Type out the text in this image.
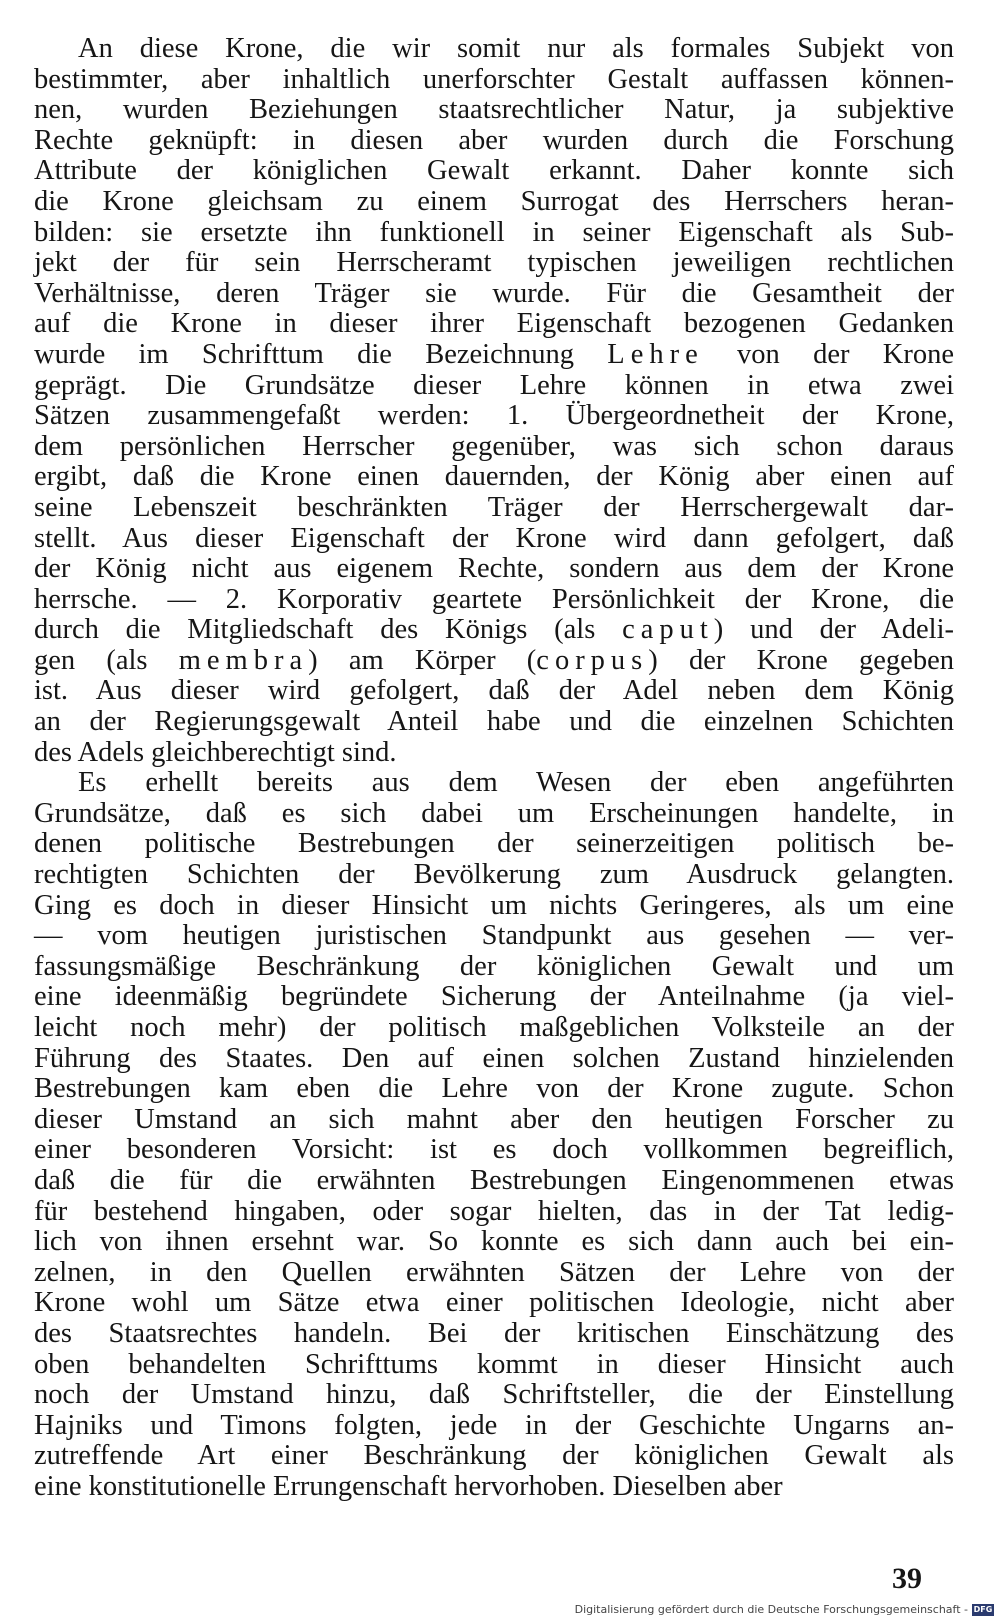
An diese Krone, die wir somit nur als formales Subjekt von
bestimmter, aber inhaltlich unerforschter Gestalt auffassen können-
nen, wurden Beziehungen staatsrechtlicher Natur, ja subjektive
Rechte geknüpft: in diesen aber wurden durch die Forschung
Attribute der königlichen Gewalt erkannt. Daher konnte sich
die Krone gleichsam zu einem Surrogat des Herrschers heran-
bilden: sie ersetzte ihn funktionell in seiner Eigenschaft als Sub-
jekt der für sein Herrscheramt typischen jeweiligen rechtlichen
Verhältnisse, deren Träger sie wurde. Für die Gesamtheit der
auf die Krone in dieser ihrer Eigenschaft bezogenen Gedanken
wurde im Schrifttum die Bezeichnung Lehre von der Krone
geprägt. Die Grundsätze dieser Lehre können in etwa zwei
Sätzen zusammengefaßt werden: 1. Übergeordnetheit der Krone,
dem persönlichen Herrscher gegenüber, was sich schon daraus
ergibt, daß die Krone einen dauernden, der König aber einen auf
seine Lebenszeit beschränkten Träger der Herrschergewalt dar-
stellt. Aus dieser Eigenschaft der Krone wird dann gefolgert, daß
der König nicht aus eigenem Rechte, sondern aus dem der Krone
herrsche. — 2. Korporativ geartete Persönlichkeit der Krone, die
durch die Mitgliedschaft des Königs (als caput) und der Adeli-
gen (als membra) am Körper (corpus) der Krone gegeben
ist. Aus dieser wird gefolgert, daß der Adel neben dem König
an der Regierungsgewalt Anteil habe und die einzelnen Schichten
des Adels gleichberechtigt sind.

Es erhellt bereits aus dem Wesen der eben angeführten
Grundsätze, daß es sich dabei um Erscheinungen handelte, in
denen politische Bestrebungen der seinerzeitigen politisch be-
rechtigten Schichten der Bevölkerung zum Ausdruck gelangten.
Ging es doch in dieser Hinsicht um nichts Geringeres, als um eine
— vom heutigen juristischen Standpunkt aus gesehen — ver-
fassungsmäßige Beschränkung der königlichen Gewalt und um
eine ideenmäßig begründete Sicherung der Anteilnahme (ja viel-
leicht noch mehr) der politisch maßgeblichen Volksteile an der
Führung des Staates. Den auf einen solchen Zustand hinzielenden
Bestrebungen kam eben die Lehre von der Krone zugute. Schon
dieser Umstand an sich mahnt aber den heutigen Forscher zu
einer besonderen Vorsicht: ist es doch vollkommen begreiflich,
daß die für die erwähnten Bestrebungen Eingenommenen etwas
für bestehend hingaben, oder sogar hielten, das in der Tat ledig-
lich von ihnen ersehnt war. So konnte es sich dann auch bei ein-
zelnen, in den Quellen erwähnten Sätzen der Lehre von der
Krone wohl um Sätze etwa einer politischen Ideologie, nicht aber
des Staatsrechtes handeln. Bei der kritischen Einschätzung des
oben behandelten Schrifttums kommt in dieser Hinsicht auch
noch der Umstand hinzu, daß Schriftsteller, die der Einstellung
Hajniks und Timons folgten, jede in der Geschichte Ungarns an-
zutreffende Art einer Beschränkung der königlichen Gewalt als
eine konstitutionelle Errungenschaft hervorhoben. Dieselben aber

39
Digitalisierung gefördert durch die Deutsche Forschungsgemeinschaft - DFG
